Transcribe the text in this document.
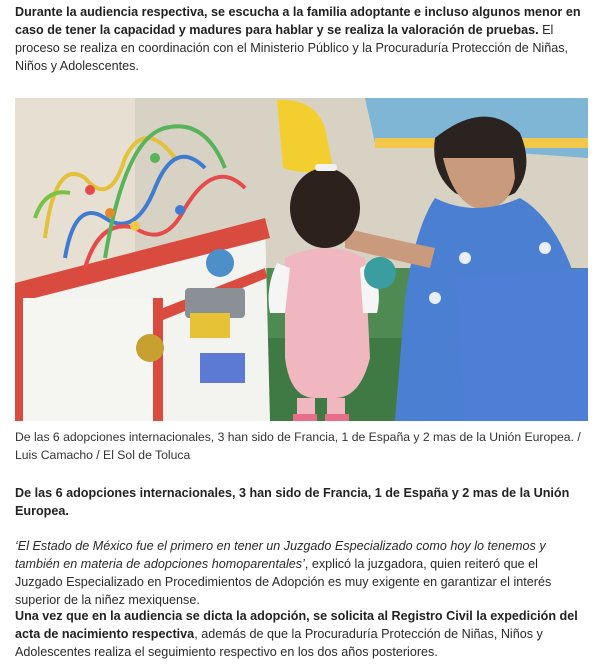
Durante la audiencia respectiva, se escucha a la familia adoptante e incluso algunos menor en caso de tener la capacidad y madures para hablar y se realiza la valoración de pruebas. El proceso se realiza en coordinación con el Ministerio Público y la Procuraduría Protección de Niñas, Niños y Adolescentes.

De las 6 adopciones internacionales, 3 han sido de Francia, 1 de España y 2 mas de la Unión Europea. / Luis Camacho / El Sol de Toluca

De las 6 adopciones internacionales, 3 han sido de Francia, 1 de España y 2 mas de la Unión Europea.

‘El Estado de México fue el primero en tener un Juzgado Especializado como hoy lo tenemos y también en materia de adopciones homoparentales’, explicó la juzgadora, quien reiteró que el Juzgado Especializado en Procedimientos de Adopción es muy exigente en garantizar el interés superior de la niñez mexiquense.

Una vez que en la audiencia se dicta la adopción, se solicita al Registro Civil la expedición del acta de nacimiento respectiva, además de que la Procuraduría Protección de Niñas, Niños y Adolescentes realiza el seguimiento respectivo en los dos años posteriores.
